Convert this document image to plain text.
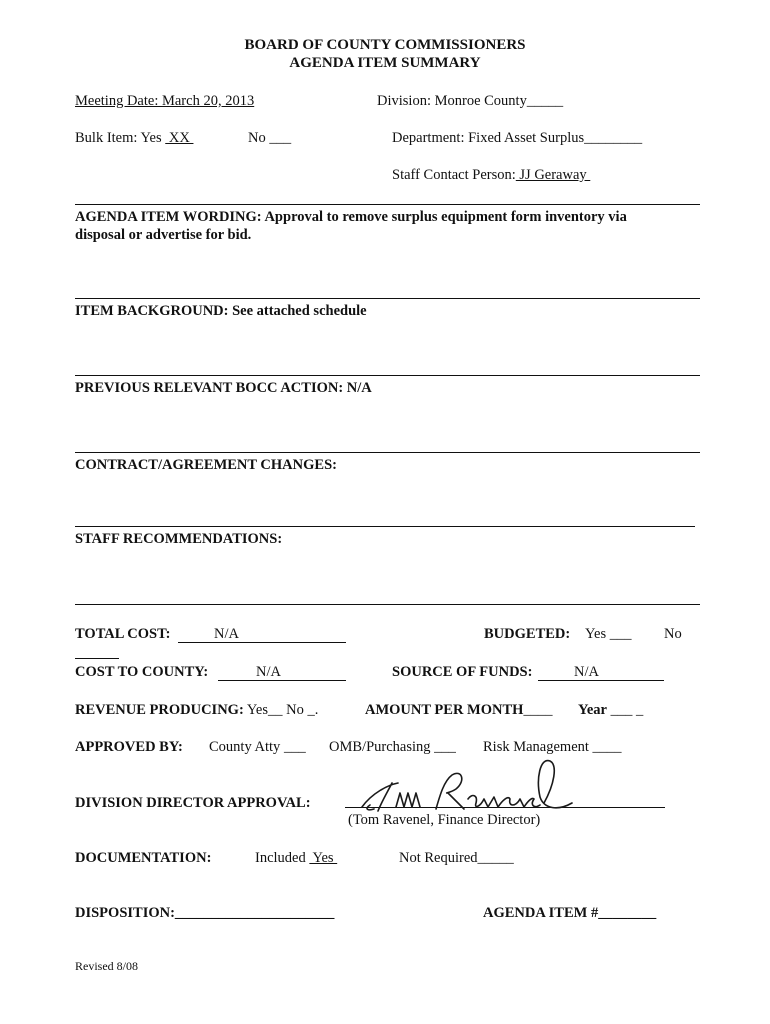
BOARD OF COUNTY COMMISSIONERS
AGENDA ITEM SUMMARY
Meeting Date: March 20, 2013	Division: Monroe County_____
Bulk Item: Yes  XX	No ___	Department: Fixed Asset Surplus________
Staff Contact Person: JJ Geraway
AGENDA ITEM WORDING: Approval to remove surplus equipment form inventory via
disposal or advertise for bid.
ITEM BACKGROUND: See attached schedule
PREVIOUS RELEVANT BOCC ACTION: N/A
CONTRACT/AGREEMENT CHANGES:
STAFF RECOMMENDATIONS:
TOTAL COST:	N/A	BUDGETED: Yes ___ No
COST TO COUNTY:	N/A	SOURCE OF FUNDS:	N/A
REVENUE PRODUCING: Yes__ No _.	AMOUNT PER MONTH____ Year ___ _
APPROVED BY: County Atty ___ OMB/Purchasing ___ Risk Management ____
DIVISION DIRECTOR APPROVAL:
(Tom Ravenel, Finance Director)
DOCUMENTATION:	Included  Yes	Not Required_____
DISPOSITION:______________________	AGENDA ITEM #________
Revised 8/08
